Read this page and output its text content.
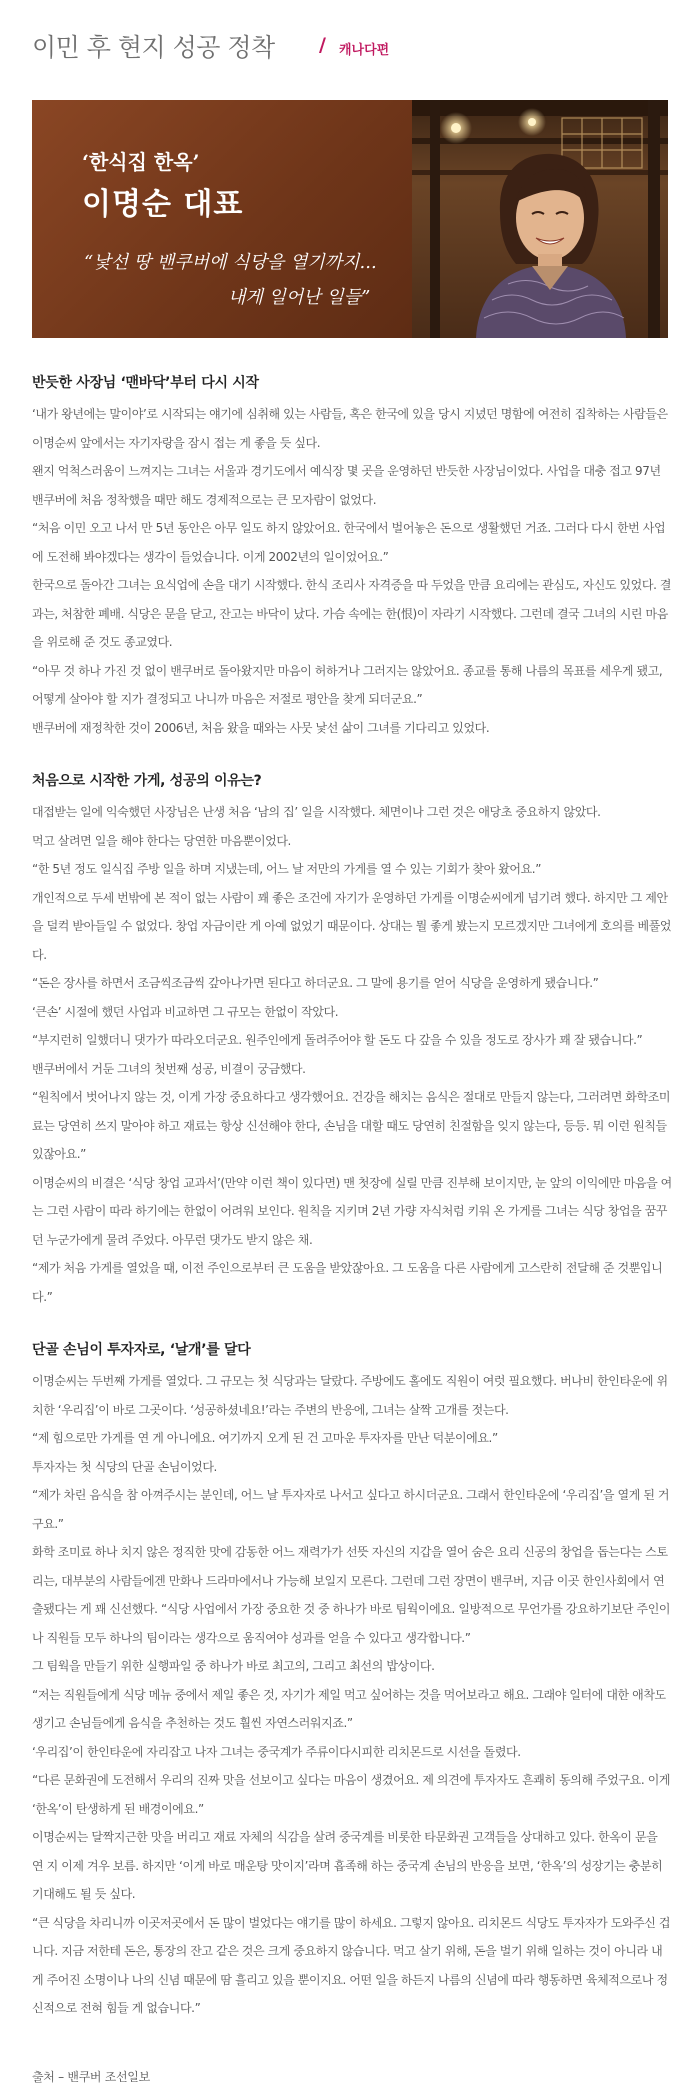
이민 후 현지 성공 정착 / 캐나다편
‘한식집 한옥’
이명순 대표
“낯선 땅 밴쿠버에 식당을 열기까지...
내게 일어난 일들”
반듯한 사장님 ‘맨바닥’부터 다시 시작

‘내가 왕년에는 말이야’로 시작되는 얘기에 심취해 있는 사람들, 혹은 한국에 있을 당시 지녔던 명함에 여전히 집착하는 사람들은 이명순씨 앞에서는 자기자랑을 잠시 접는 게 좋을 듯 싶다.

왠지 억척스러움이 느껴지는 그녀는 서울과 경기도에서 예식장 몇 곳을 운영하던 반듯한 사장님이었다. 사업을 대충 접고 97년 밴쿠버에 처음 정착했을 때만 해도 경제적으로는 큰 모자람이 없었다.

“처음 이민 오고 나서 만 5년 동안은 아무 일도 하지 않았어요. 한국에서 벌어놓은 돈으로 생활했던 거죠. 그러다 다시 한번 사업에 도전해 봐야겠다는 생각이 들었습니다. 이게 2002년의 일이었어요.”

한국으로 돌아간 그녀는 요식업에 손을 대기 시작했다. 한식 조리사 자격증을 따 두었을 만큼 요리에는 관심도, 자신도 있었다. 결과는, 처참한 폐배. 식당은 문을 닫고, 잔고는 바닥이 났다. 가슴 속에는 한(恨)이 자라기 시작했다. 그런데 결국 그녀의 시린 마음을 위로해 준 것도 종교였다.

“아무 것 하나 가진 것 없이 밴쿠버로 돌아왔지만 마음이 허하거나 그러지는 않았어요. 종교를 통해 나름의 목표를 세우게 됐고, 어떻게 살아야 할 지가 결정되고 나니까 마음은 저절로 평안을 찾게 되더군요.”

밴쿠버에 재정착한 것이 2006년, 처음 왔을 때와는 사뭇 낯선 삶이 그녀를 기다리고 있었다.

처음으로 시작한 가게, 성공의 이유는?

대접받는 일에 익숙했던 사장님은 난생 처음 ‘남의 집’ 일을 시작했다. 체면이나 그런 것은 애당초 중요하지 않았다.

먹고 살려면 일을 해야 한다는 당연한 마음뿐이었다.

“한 5년 정도 일식집 주방 일을 하며 지냈는데, 어느 날 저만의 가게를 열 수 있는 기회가 찾아 왔어요.”

개인적으로 두세 번밖에 본 적이 없는 사람이 꽤 좋은 조건에 자기가 운영하던 가게를 이명순씨에게 넘기려 했다. 하지만 그 제안을 덜컥 받아들일 수 없었다. 창업 자금이란 게 아예 없었기 때문이다. 상대는 뭘 좋게 봤는지 모르겠지만 그녀에게 호의를 베풀었다.

“돈은 장사를 하면서 조금씩조금씩 갚아나가면 된다고 하더군요. 그 말에 용기를 얻어 식당을 운영하게 됐습니다.”

‘큰손’ 시절에 했던 사업과 비교하면 그 규모는 한없이 작았다.

“부지런히 일했더니 댓가가 따라오더군요. 원주인에게 돌려주어야 할 돈도 다 갚을 수 있을 정도로 장사가 꽤 잘 됐습니다.”

밴쿠버에서 거둔 그녀의 첫번째 성공, 비결이 궁금했다.

“원칙에서 벗어나지 않는 것, 이게 가장 중요하다고 생각했어요. 건강을 해치는 음식은 절대로 만들지 않는다, 그러려면 화학조미료는 당연히 쓰지 말아야 하고 재료는 항상 신선해야 한다, 손님을 대할 때도 당연히 친절함을 잊지 않는다, 등등. 뭐 이런 원칙들 있잖아요.”

이명순씨의 비결은 ‘식당 창업 교과서’(만약 이런 책이 있다면) 맨 첫장에 실릴 만큼 진부해 보이지만, 눈 앞의 이익에만 마음을 여는 그런 사람이 따라 하기에는 한없이 어려워 보인다. 원칙을 지키며 2년 가량 자식처럼 키워 온 가게를 그녀는 식당 창업을 꿈꾸던 누군가에게 물려 주었다. 아무런 댓가도 받지 않은 채.

“제가 처음 가게를 열었을 때, 이전 주인으로부터 큰 도움을 받았잖아요. 그 도움을 다른 사람에게 고스란히 전달해 준 것뿐입니다.”

단골 손님이 투자자로, ‘날개’를 달다

이명순씨는 두번째 가게를 열었다. 그 규모는 첫 식당과는 달랐다. 주방에도 홀에도 직원이 여럿 필요했다. 버나비 한인타운에 위치한 ‘우리집’이 바로 그곳이다. ‘성공하셨네요!’라는 주변의 반응에, 그녀는 살짝 고개를 젓는다.

“제 힘으로만 가게를 연 게 아니에요. 여기까지 오게 된 건 고마운 투자자를 만난 덕분이에요.”

투자자는 첫 식당의 단골 손님이었다.

“제가 차린 음식을 참 아껴주시는 분인데, 어느 날 투자자로 나서고 싶다고 하시더군요. 그래서 한인타운에 ‘우리집’을 열게 된 거구요.”

화학 조미료 하나 치지 않은 정직한 맛에 감동한 어느 재력가가 선뜻 자신의 지갑을 열어 숨은 요리 신공의 창업을 돕는다는 스토리는, 대부분의 사람들에겐 만화나 드라마에서나 가능해 보일지 모른다. 그런데 그런 장면이 밴쿠버, 지금 이곳 한인사회에서 연출됐다는 게 꽤 신선했다. “식당 사업에서 가장 중요한 것 중 하나가 바로 팀웍이에요. 일방적으로 무언가를 강요하기보단 주인이나 직원들 모두 하나의 팀이라는 생각으로 움직여야 성과를 얻을 수 있다고 생각합니다.”

그 팀웍을 만들기 위한 실행파일 중 하나가 바로 최고의, 그리고 최선의 밥상이다.

“저는 직원들에게 식당 메뉴 중에서 제일 좋은 것, 자기가 제일 먹고 싶어하는 것을 먹어보라고 해요. 그래야 일터에 대한 애착도 생기고 손님들에게 음식을 추천하는 것도 훨씬 자연스러워지죠.”

‘우리집’이 한인타운에 자리잡고 나자 그녀는 중국계가 주류이다시피한 리치몬드로 시선을 돌렸다.

“다른 문화권에 도전해서 우리의 진짜 맛을 선보이고 싶다는 마음이 생겼어요. 제 의견에 투자자도 흔쾌히 동의해 주었구요. 이게 ‘한옥’이 탄생하게 된 배경이에요.”

이명순씨는 달짝지근한 맛을 버리고 재료 자체의 식감을 살려 중국계를 비롯한 타문화권 고객들을 상대하고 있다. 한옥이 문을 연 지 이제 겨우 보름. 하지만 ‘이게 바로 매운탕 맛이지’라며 흡족해 하는 중국계 손님의 반응을 보면, ‘한옥’의 성장기는 충분히 기대해도 될 듯 싶다.

“큰 식당을 차리니까 이곳저곳에서 돈 많이 벌었다는 얘기를 많이 하세요. 그렇지 않아요. 리치몬드 식당도 투자자가 도와주신 겁니다. 지금 저한테 돈은, 통장의 잔고 같은 것은 크게 중요하지 않습니다. 먹고 살기 위해, 돈을 벌기 위해 일하는 것이 아니라 내게 주어진 소명이나 나의 신념 때문에 땀 흘리고 있을 뿐이지요. 어떤 일을 하든지 나름의 신념에 따라 행동하면 육체적으로나 정신적으로 전혀 힘들 게 없습니다.”

출처 – 밴쿠버 조선일보
